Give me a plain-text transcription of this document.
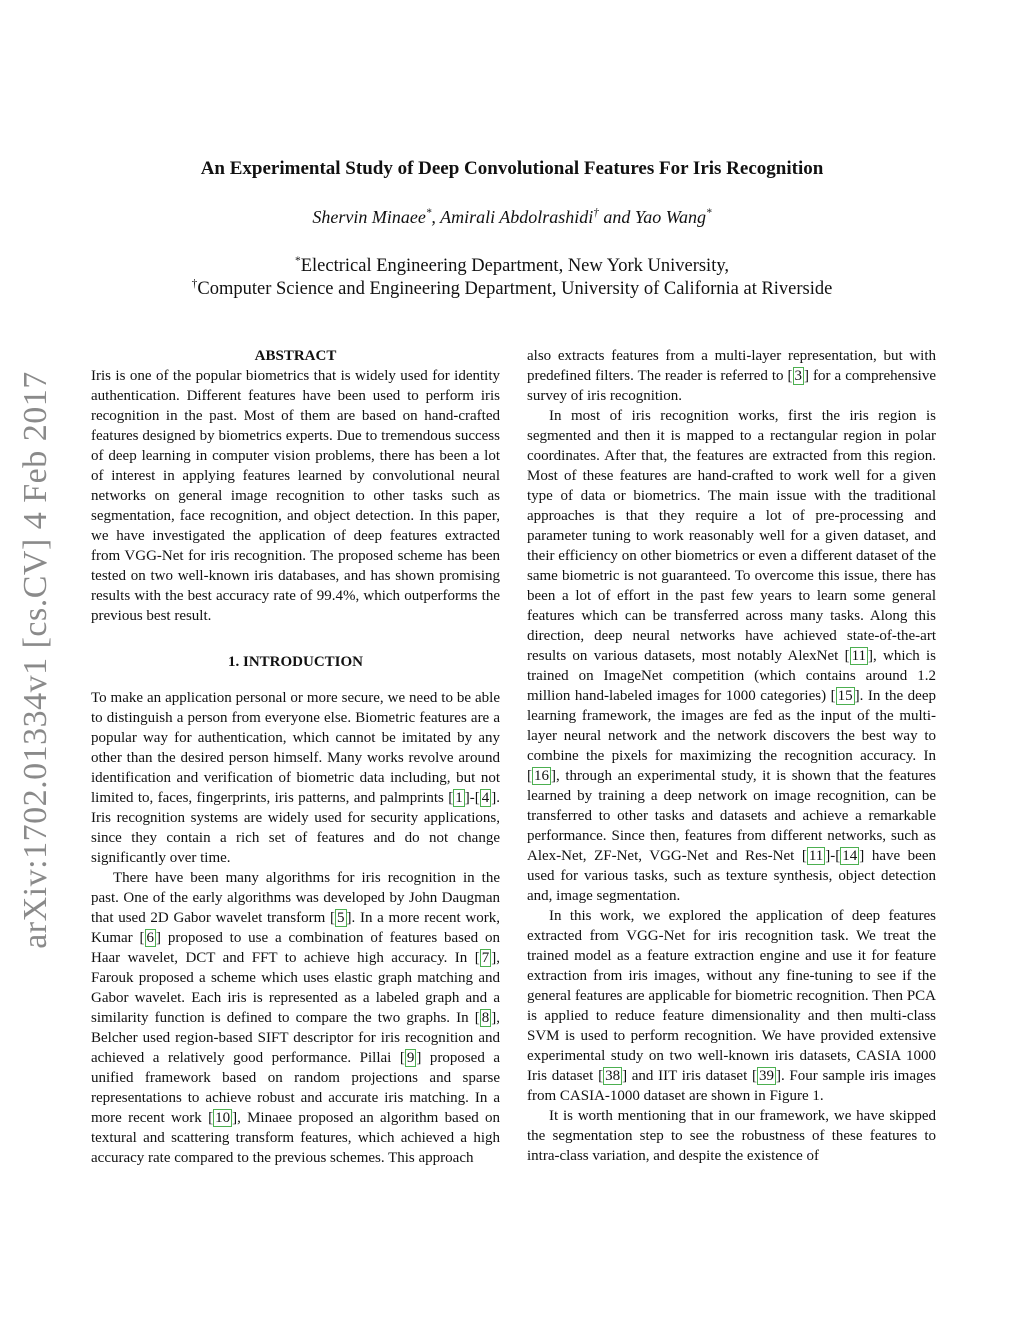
arXiv:1702.01334v1 [cs.CV] 4 Feb 2017
An Experimental Study of Deep Convolutional Features For Iris Recognition
Shervin Minaee*, Amirali Abdolrashidi† and Yao Wang*
*Electrical Engineering Department, New York University,
†Computer Science and Engineering Department, University of California at Riverside
ABSTRACT

Iris is one of the popular biometrics that is widely used for identity authentication. Different features have been used to perform iris recognition in the past. Most of them are based on hand-crafted features designed by biometrics experts. Due to tremendous success of deep learning in computer vision problems, there has been a lot of interest in applying features learned by convolutional neural networks on general image recognition to other tasks such as segmentation, face recognition, and object detection. In this paper, we have investigated the application of deep features extracted from VGG-Net for iris recognition. The proposed scheme has been tested on two well-known iris databases, and has shown promising results with the best accuracy rate of 99.4%, which outperforms the previous best result.

1. INTRODUCTION

To make an application personal or more secure, we need to be able to distinguish a person from everyone else. Biometric features are a popular way for authentication, which cannot be imitated by any other than the desired person himself. Many works revolve around identification and verification of biometric data including, but not limited to, faces, fingerprints, iris patterns, and palmprints [ 1 ]-[ 4 ]. Iris recognition systems are widely used for security applications, since they contain a rich set of features and do not change significantly over time.

There have been many algorithms for iris recognition in the past. One of the early algorithms was developed by John Daugman that used 2D Gabor wavelet transform [ 5 ]. In a more recent work, Kumar [ 6 ] proposed to use a combination of features based on Haar wavelet, DCT and FFT to achieve high accuracy. In [ 7 ], Farouk proposed a scheme which uses elastic graph matching and Gabor wavelet. Each iris is represented as a labeled graph and a similarity function is defined to compare the two graphs. In [ 8 ], Belcher used region-based SIFT descriptor for iris recognition and achieved a relatively good performance. Pillai [ 9 ] proposed a unified framework based on random projections and sparse representations to achieve robust and accurate iris matching. In a more recent work [ 10 ], Minaee proposed an algorithm based on textural and scattering transform features, which achieved a high accuracy rate compared to the previous schemes. This approach

also extracts features from a multi-layer representation, but with predefined filters. The reader is referred to [ 3 ] for a comprehensive survey of iris recognition.

In most of iris recognition works, first the iris region is segmented and then it is mapped to a rectangular region in polar coordinates. After that, the features are extracted from this region. Most of these features are hand-crafted to work well for a given type of data or biometrics. The main issue with the traditional approaches is that they require a lot of pre-processing and parameter tuning to work reasonably well for a given dataset, and their efficiency on other biometrics or even a different dataset of the same biometric is not guaranteed. To overcome this issue, there has been a lot of effort in the past few years to learn some general features which can be transferred across many tasks. Along this direction, deep neural networks have achieved state-of-the-art results on various datasets, most notably AlexNet [ 11 ], which is trained on ImageNet competition (which contains around 1.2 million hand-labeled images for 1000 categories) [ 15 ]. In the deep learning framework, the images are fed as the input of the multi-layer neural network and the network discovers the best way to combine the pixels for maximizing the recognition accuracy. In [ 16 ], through an experimental study, it is shown that the features learned by training a deep network on image recognition, can be transferred to other tasks and datasets and achieve a remarkable performance. Since then, features from different networks, such as Alex-Net, ZF-Net, VGG-Net and Res-Net [ 11 ]-[ 14 ] have been used for various tasks, such as texture synthesis, object detection and, image segmentation.

In this work, we explored the application of deep features extracted from VGG-Net for iris recognition task. We treat the trained model as a feature extraction engine and use it for feature extraction from iris images, without any fine-tuning to see if the general features are applicable for biometric recognition. Then PCA is applied to reduce feature dimensionality and then multi-class SVM is used to perform recognition. We have provided extensive experimental study on two well-known iris datasets, CASIA 1000 Iris dataset [ 38 ] and IIT iris dataset [ 39 ]. Four sample iris images from CASIA-1000 dataset are shown in Figure 1.

It is worth mentioning that in our framework, we have skipped the segmentation step to see the robustness of these features to intra-class variation, and despite the existence of
